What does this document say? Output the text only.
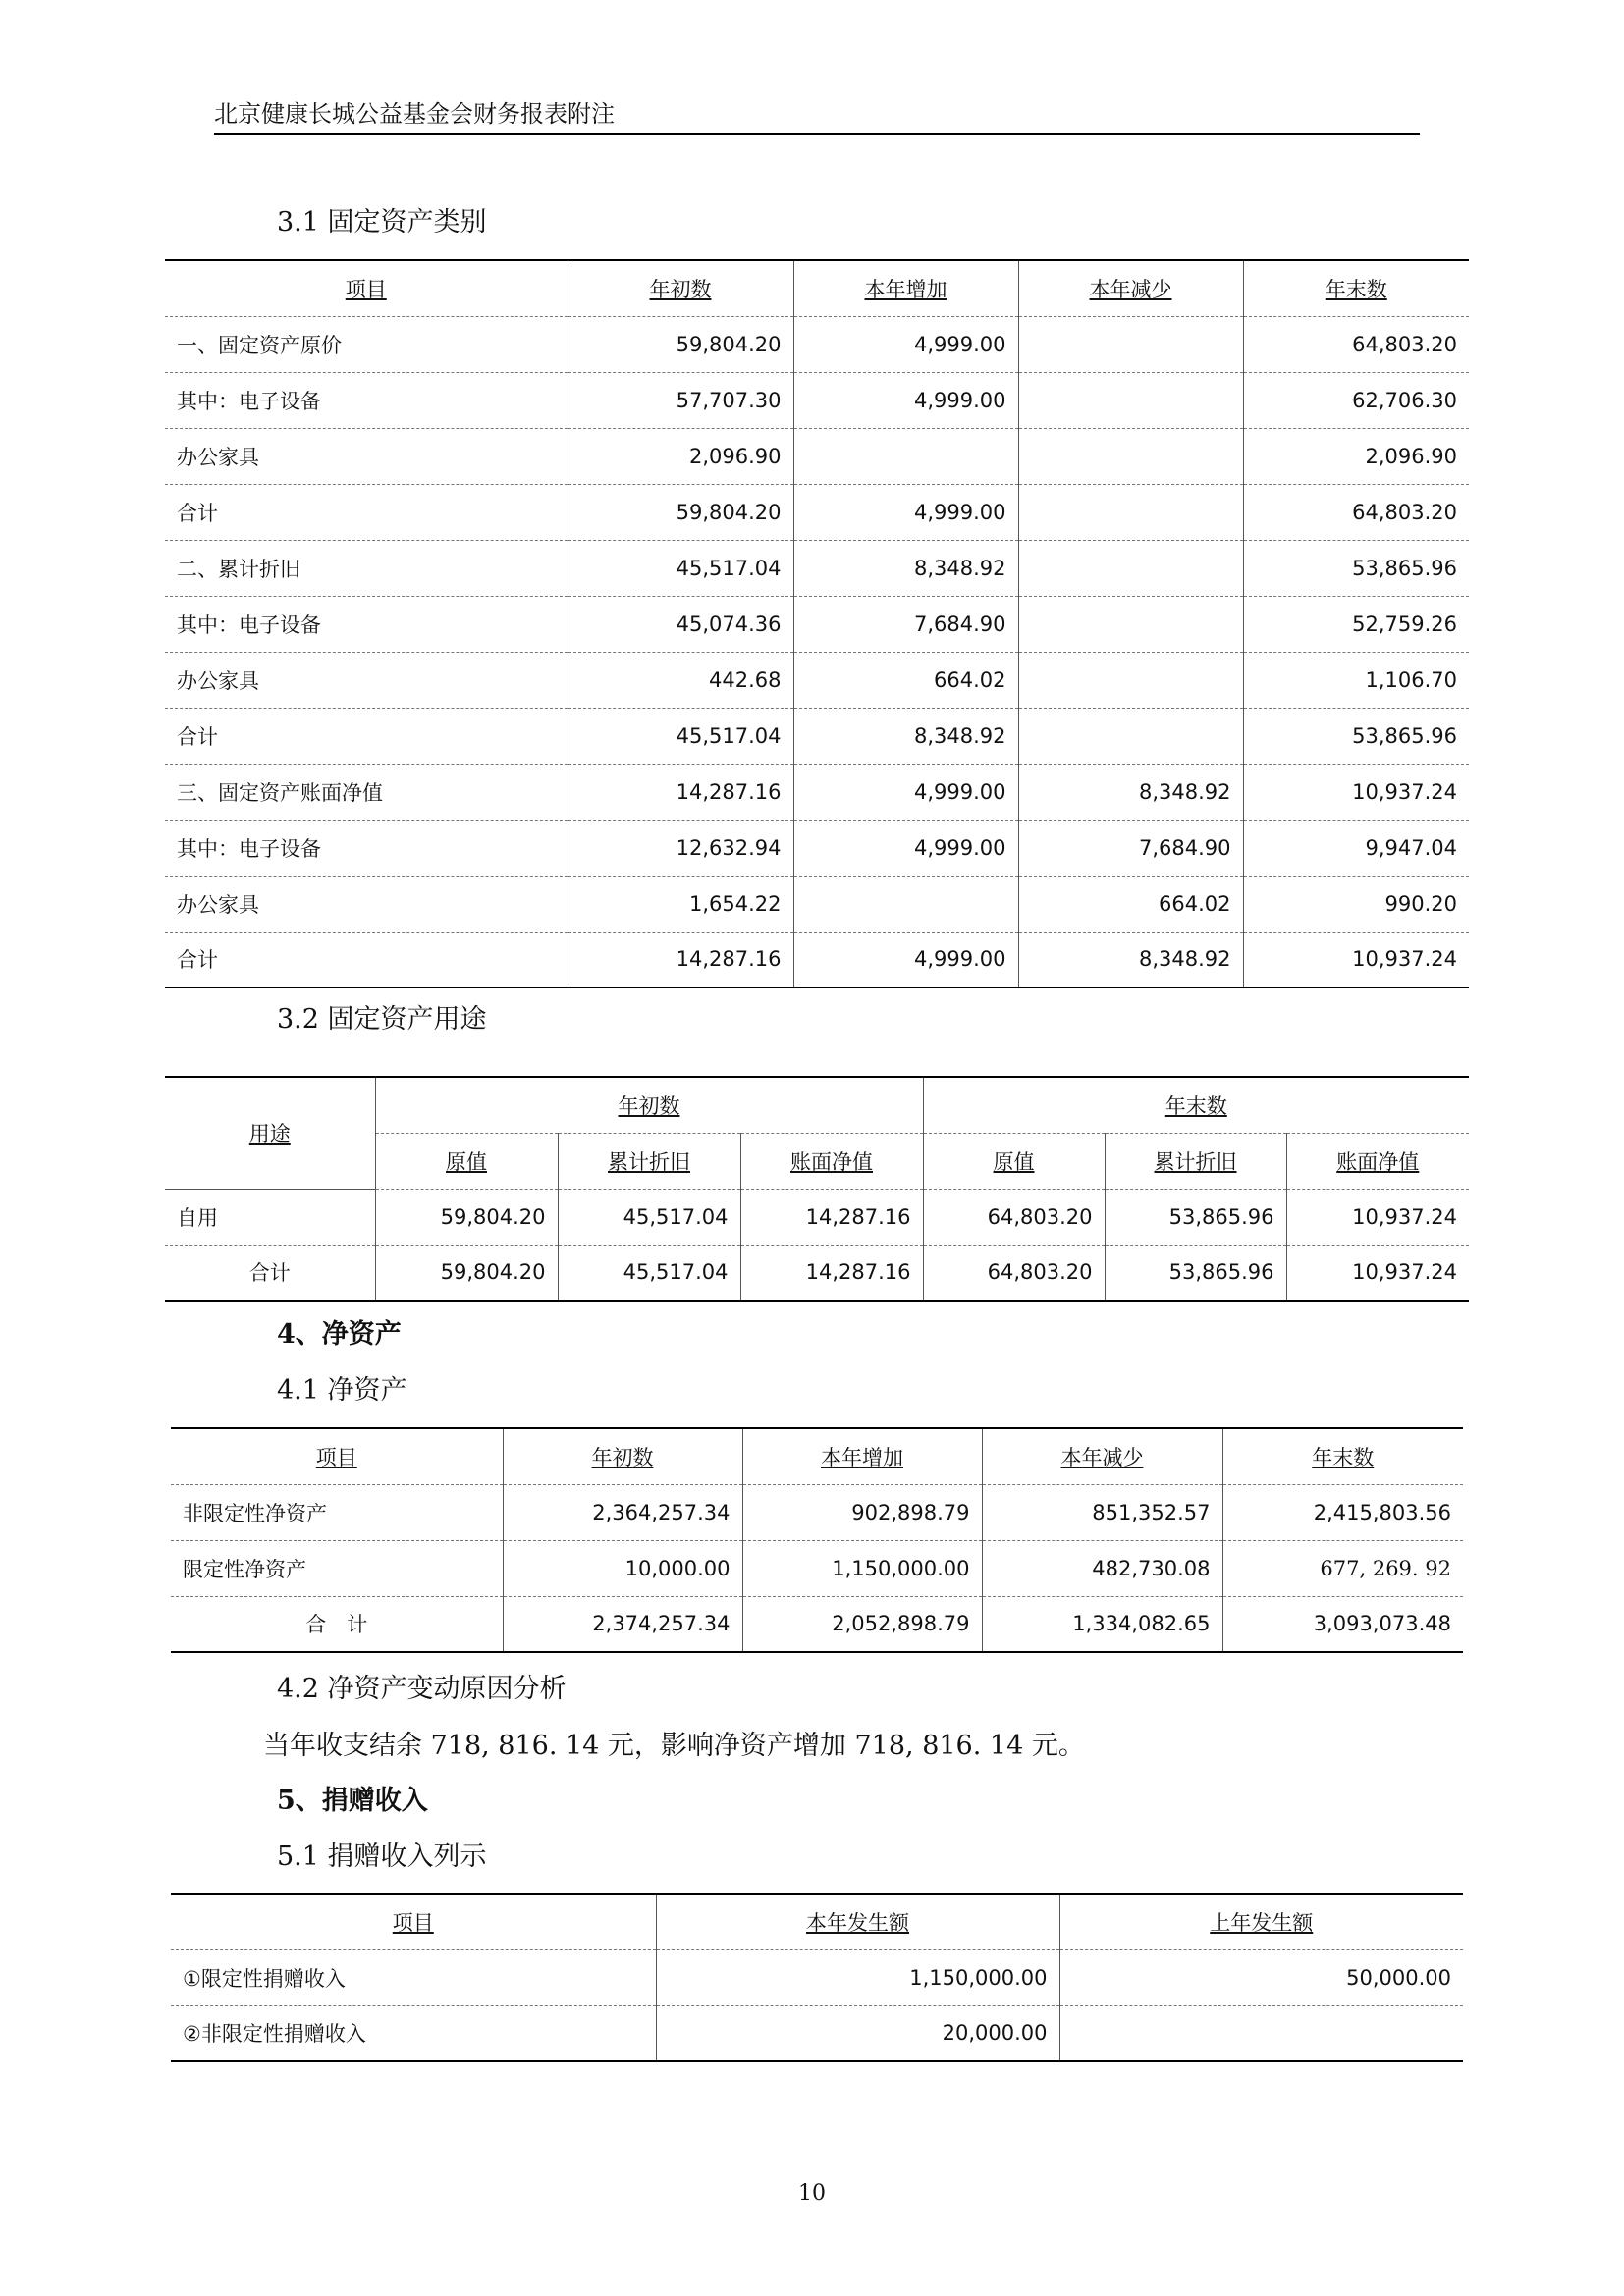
北京健康长城公益基金会财务报表附注
3.1 固定资产类别
项目	年初数	本年增加	本年减少	年末数
一、固定资产原价	59,804.20	4,999.00		64,803.20
其中：电子设备	57,707.30	4,999.00		62,706.30
办公家具	2,096.90			2,096.90
合计	59,804.20	4,999.00		64,803.20
二、累计折旧	45,517.04	8,348.92		53,865.96
其中：电子设备	45,074.36	7,684.90		52,759.26
办公家具	442.68	664.02		1,106.70
合计	45,517.04	8,348.92		53,865.96
三、固定资产账面净值	14,287.16	4,999.00	8,348.92	10,937.24
其中：电子设备	12,632.94	4,999.00	7,684.90	9,947.04
办公家具	1,654.22		664.02	990.20
合计	14,287.16	4,999.00	8,348.92	10,937.24
3.2 固定资产用途
用途	年初数			年末数		
	原值	累计折旧	账面净值	原值	累计折旧	账面净值
自用	59,804.20	45,517.04	14,287.16	64,803.20	53,865.96	10,937.24
合计	59,804.20	45,517.04	14,287.16	64,803.20	53,865.96	10,937.24
4、净资产
4.1 净资产
项目	年初数	本年增加	本年减少	年末数
非限定性净资产	2,364,257.34	902,898.79	851,352.57	2,415,803.56
限定性净资产	10,000.00	1,150,000.00	482,730.08	677, 269. 92
合　计	2,374,257.34	2,052,898.79	1,334,082.65	3,093,073.48
4.2 净资产变动原因分析
当年收支结余 718, 816. 14 元，影响净资产增加 718, 816. 14 元。
5、捐赠收入
5.1 捐赠收入列示
项目	本年发生额	上年发生额
①限定性捐赠收入	1,150,000.00	50,000.00
②非限定性捐赠收入	20,000.00	
10
